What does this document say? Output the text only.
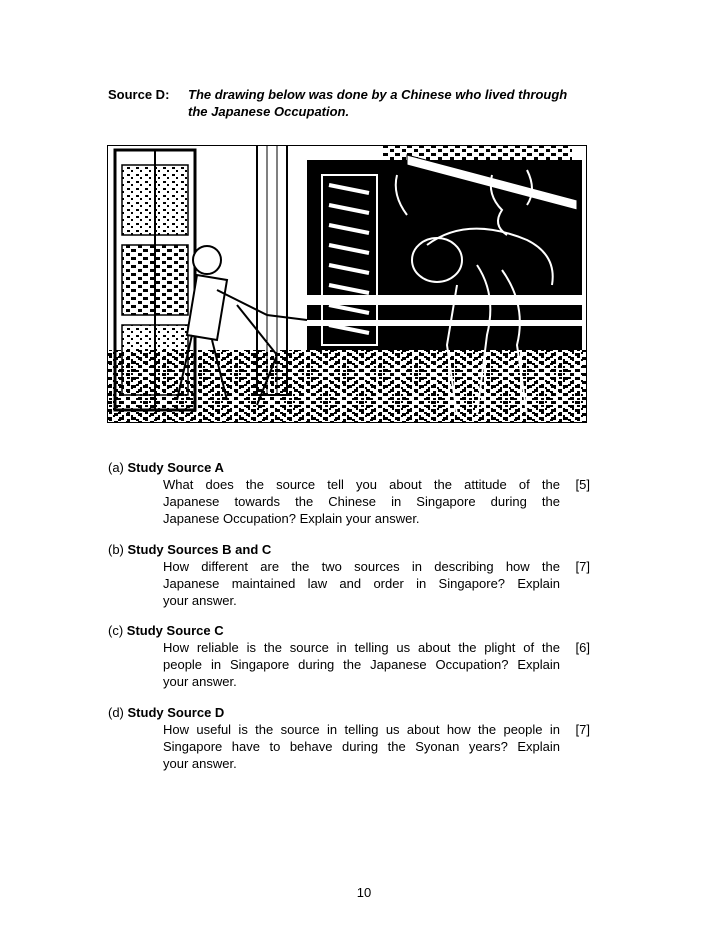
Source D: The drawing below was done by a Chinese who lived through
the Japanese Occupation.
(a) Study Source A
What does the source tell you about the attitude of the
Japanese towards the Chinese in Singapore during the
Japanese Occupation? Explain your answer.
[5]
(b) Study Sources B and C
How different are the two sources in describing how the
Japanese maintained law and order in Singapore? Explain
your answer.
[7]
(c) Study Source C
How reliable is the source in telling us about the plight of the
people in Singapore during the Japanese Occupation? Explain
your answer.
[6]
(d) Study Source D
How useful is the source in telling us about how the people in
Singapore have to behave during the Syonan years? Explain
your answer.
[7]
10
